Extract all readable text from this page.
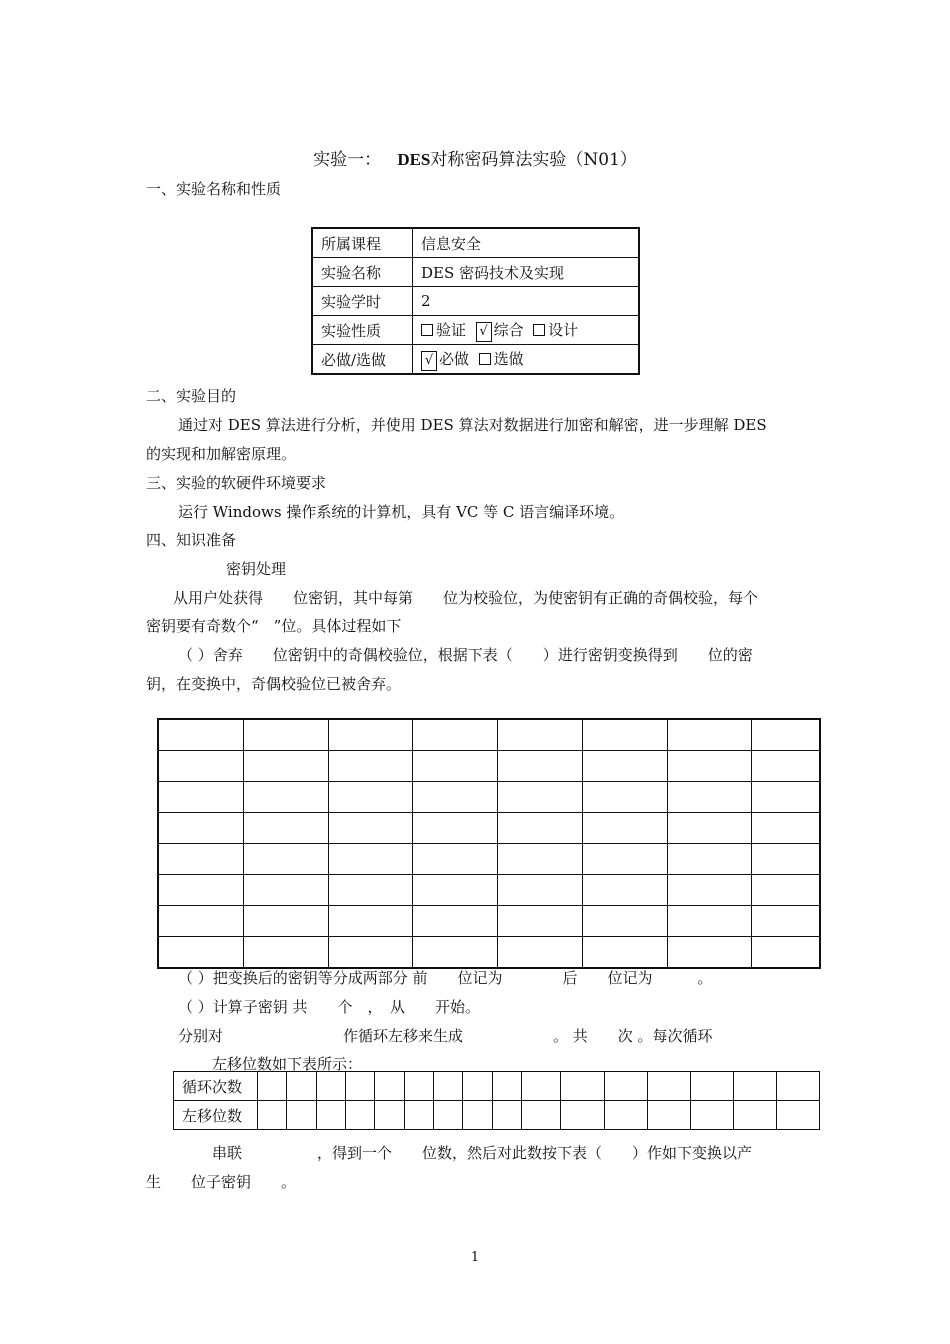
实验一： DES对称密码算法实验（N01）
一、实验名称和性质
所属课程	信息安全
实验名称	DES 密码技术及实现
实验学时	2
实验性质	验证 √ 综合 设计
必做/选做	√ 必做 选做
二、实验目的
通过对 DES 算法进行分析，并使用 DES 算法对数据进行加密和解密，进一步理解 DES
的实现和加解密原理。
三、实验的软硬件环境要求
运行 Windows 操作系统的计算机，具有 VC 等 C 语言编译环境。
四、知识准备
密钥处理
从用户处获得　　位密钥，其中每第　　位为校验位，为使密钥有正确的奇偶校验，每个
密钥要有奇数个“　”位。具体过程如下
（ ）舍弃　　位密钥中的奇偶校验位，根据下表（　　）进行密钥变换得到　　位的密
钥，在变换中，奇偶校验位已被舍弃。

（ ）把变换后的密钥等分成两部分 前　　位记为　　　　后　　位记为　　　。
（ ）计算子密钥 共　　个　，　从　　开始。
分别对　　　　　　　　作循环左移来生成　　　　　　。 共　　次 。每次循环
左移位数如下表所示：
循环次数																
左移位数																
串联　　　　　，得到一个　　位数，然后对此数按下表（　　）作如下变换以产
生　　位子密钥　　。
1
